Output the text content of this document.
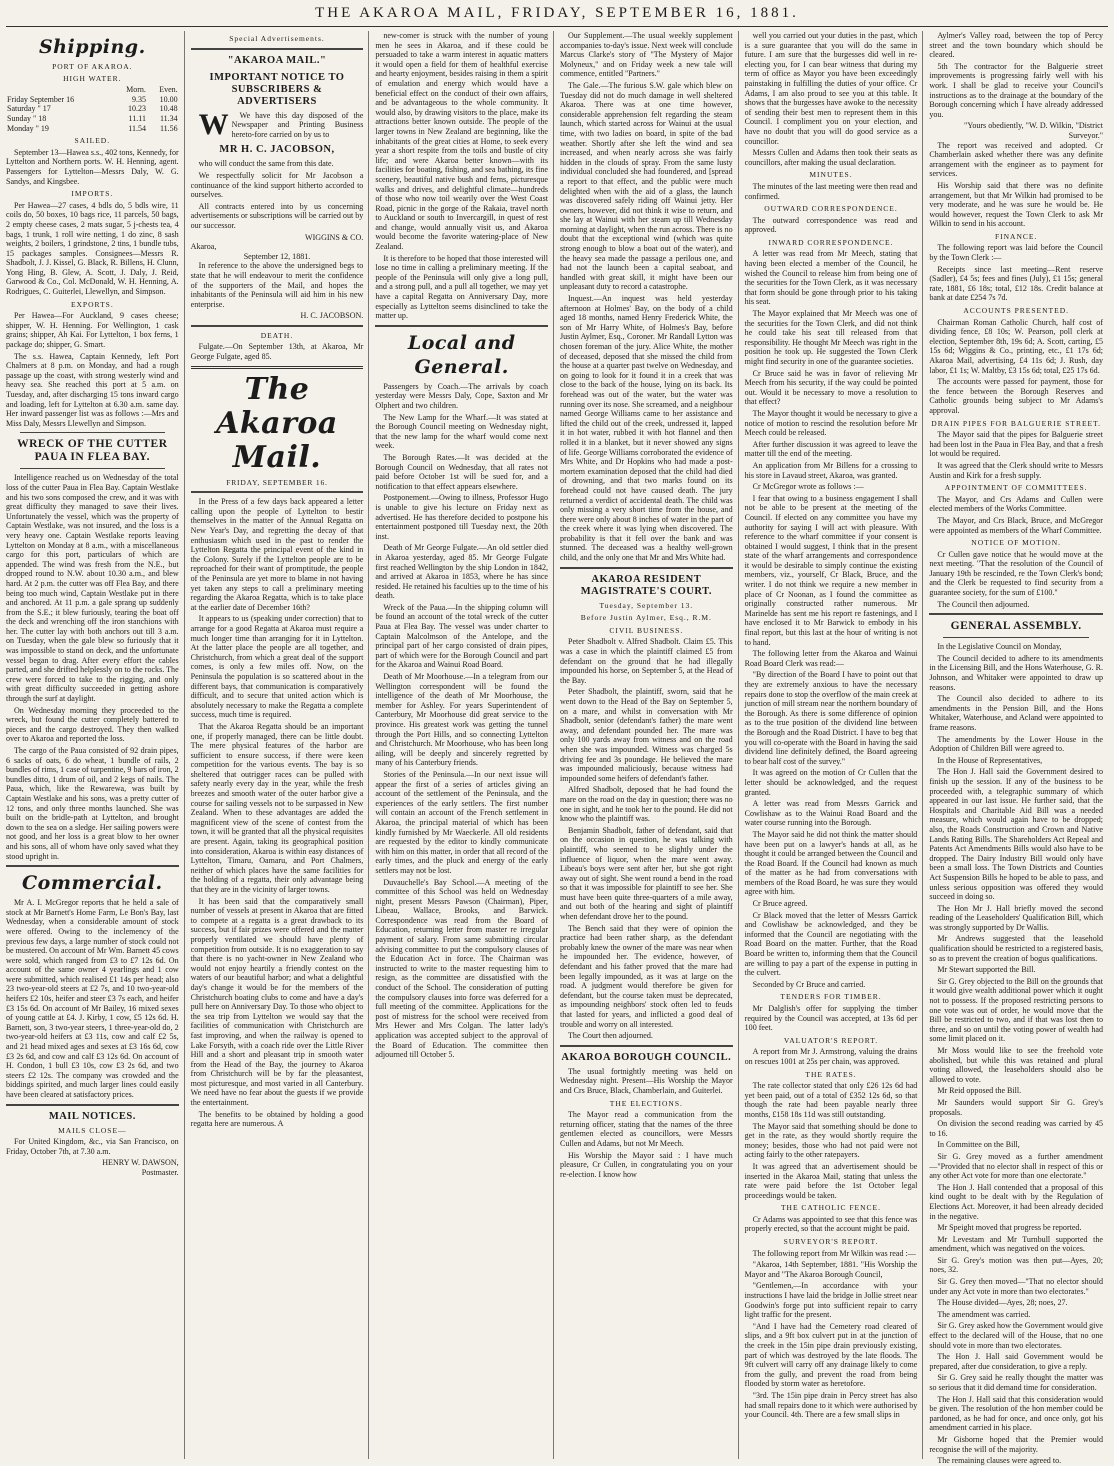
THE AKAROA MAIL, FRIDAY, SEPTEMBER 16, 1881.
Shipping.
PORT OF AKAROA.
HIGH WATER.
	Morn.	Even.
Friday September 16	9.35	10.00
Saturday " 17	10.23	10.48
Sunday " 18	11.11	11.34
Monday " 19	11.54	11.56
SAILED.

September 13—Hawea s.s., 402 tons, Kennedy, for Lyttelton and Northern ports. W. H. Henning, agent. Passengers for Lyttelton—Messrs Daly, W. G. Sandys, and Kingsbee.

IMPORTS.

Per Hawea—27 cases, 4 bdls do, 5 bdls wire, 11 coils do, 50 boxes, 10 bags rice, 11 parcels, 50 bags, 2 empty cheese cases, 2 mats sugar, 5 j-chests tea, 4 bags, 1 trunk, 1 roll wire netting, 1 do zinc, 8 sash weights, 2 boilers, 1 grindstone, 2 tins, 1 bundle tubs, 15 packages samples. Consignees—Messrs R. Shadbolt, J. J. Kissel, G. Black, R. Billens, H. Clunn, Yong Hing, B. Glew, A. Scott, J. Daly, J. Reid, Garwood & Co., Col. McDonald, W. H. Henning, A. Rodrigues, C. Guiterlei, Llewellyn, and Simpson.

EXPORTS.

Per Hawea—For Auckland, 9 cases cheese; shipper, W. H. Henning. For Wellington, 1 cask grains; shipper, Ah Kai. For Lyttelton, 1 box ferns, 1 package do; shipper, G. Smart.

The s.s. Hawea, Captain Kennedy, left Port Chalmers at 8 p.m. on Monday, and had a rough passage up the coast, with strong westerly wind and heavy sea. She reached this port at 5 a.m. on Tuesday, and, after discharging 15 tons inward cargo and loading, left for Lyttelton at 6.30 a.m. same day. Her inward passenger list was as follows :—Mrs and Miss Daly, Messrs Llewellyn and Simpson.

WRECK OF THE CUTTER PAUA IN FLEA BAY.

Intelligence reached us on Wednesday of the total loss of the cutter Paua in Flea Bay. Captain Westlake and his two sons composed the crew, and it was with great difficulty they managed to save their lives. Unfortunately the vessel, which was the property of Captain Westlake, was not insured, and the loss is a very heavy one. Captain Westlake reports leaving Lyttelton on Monday at 8 a.m., with a miscellaneous cargo for this port, particulars of which are appended. The wind was fresh from the N.E., but dropped round to N.W. about 10.30 a.m., and blew hard. At 2 p.m. the cutter was off Flea Bay, and there being too much wind, Captain Westlake put in there and anchored. At 11 p.m. a gale sprang up suddenly from the S.E.; it blew furiously, tearing the boat off the deck and wrenching off the iron stanchions with her. The cutter lay with both anchors out till 3 a.m. on Tuesday, when the gale blew so furiously that it was impossible to stand on deck, and the unfortunate vessel began to drag. After every effort the cables parted, and she drifted helplessly on to the rocks. The crew were forced to take to the rigging, and only with great difficulty succeeded in getting ashore through the surf at daylight.

On Wednesday morning they proceeded to the wreck, but found the cutter completely battered to pieces and the cargo destroyed. They then walked over to Akaroa and reported the loss.

The cargo of the Paua consisted of 92 drain pipes, 6 sacks of oats, 6 do wheat, 1 bundle of rails, 2 bundles of rims, 1 case of turpentine, 9 bars of iron, 2 bundles ditto, 1 drum of oil, and 2 kegs of nails. The Paua, which, like the Rewarewa, was built by Captain Westlake and his sons, was a pretty cutter of 12 tons, and only three months launched. She was built on the bridle-path at Lyttelton, and brought down to the sea on a sledge. Her sailing powers were not good, and her loss is a great blow to her owner and his sons, all of whom have only saved what they stood upright in.

Commercial.

Mr A. I. McGregor reports that he held a sale of stock at Mr Barnett's Home Farm, Le Bon's Bay, last Wednesday, when a considerable amount of stock were offered. Owing to the inclemency of the previous few days, a large number of stock could not be mustered. On account of Mr Wm. Barnett 45 cows were sold, which ranged from £3 to £7 12s 6d. On account of the same owner 4 yearlings and 1 cow were submitted, which realised £1 14s per head; also 23 two-year-old steers at £2 7s, and 10 two-year-old heifers £2 10s, heifer and steer £3 7s each, and heifer £3 15s 6d. On account of Mr Bailey, 16 mixed sexes of young cattle at £4. J. Kirby, 1 cow, £5 12s 6d. H. Barnett, son, 3 two-year steers, 1 three-year-old do, 2 two-year-old heifers at £3 11s, cow and calf £2 5s, and 21 head mixed ages and sexes at £3 16s 6d, cow £3 2s 6d, and cow and calf £3 12s 6d. On account of H. Condon, 1 bull £3 10s, cow £3 2s 6d, and two steers £2 12s. The company was crowded and the biddings spirited, and much larger lines could easily have been cleared at satisfactory prices.

MAIL NOTICES.
MAILS CLOSE—

For United Kingdom, &c., via San Francisco, on Friday, October 7th, at 7.30 a.m.

HENRY W. DAWSON,
Postmaster.
Special Advertisements.
"AKAROA MAIL."
IMPORTANT NOTICE TO SUBSCRIBERS & ADVERTISERS

W We have this day disposed of the Newspaper and Printing Business hereto-fore carried on by us to

MR H. C. JACOBSON,

who will conduct the same from this date.

We respectfully solicit for Mr Jacobson a continuance of the kind support hitherto accorded to ourselves.

All contracts entered into by us concerning advertisements or subscriptions will be carried out by our successor.

WIGGINS & CO.
Akaroa,
September 12, 1881.

In reference to the above the undersigned begs to state that he will endeavour to merit the confidence of the supporters of the Mail, and hopes the inhabitants of the Peninsula will aid him in his new enterprise.

H. C. JACOBSON.
DEATH.

Fulgate.—On September 13th, at Akaroa, Mr George Fulgate, aged 85.

The Akaroa Mail.
FRIDAY, SEPTEMBER 16.

In the Press of a few days back appeared a letter calling upon the people of Lyttelton to bestir themselves in the matter of the Annual Regatta on New Year's Day, and regretting the decay of that enthusiasm which used in the past to render the Lyttelton Regatta the principal event of the kind in the Colony. Surely if the Lyttelton people are to be reproached for their want of promptitude, the people of the Peninsula are yet more to blame in not having yet taken any steps to call a preliminary meeting regarding the Akaroa Regatta, which is to take place at the earlier date of December 16th?

It appears to us (speaking under correction) that to arrange for a good Regatta at Akaroa must require a much longer time than arranging for it in Lyttelton. At the latter place the people are all together, and Christchurch, from which a great deal of the support comes, is only a few miles off. Now, on the Peninsula the population is so scattered about in the different bays, that communication is comparatively difficult, and to secure that united action which is absolutely necessary to make the Regatta a complete success, much time is required.

That the Akaroa Regatta should be an important one, if properly managed, there can be little doubt. The mere physical features of the harbor are sufficient to ensure success, if there were keen competition for the various events. The bay is so sheltered that outrigger races can be pulled with safety nearly every day in the year, while the fresh breezes and smooth water of the outer harbor give a course for sailing vessels not to be surpassed in New Zealand. When to these advantages are added the magnificent view of the scene of contest from the town, it will be granted that all the physical requisites are present. Again, taking its geographical position into consideration, Akaroa is within easy distances of Lyttelton, Timaru, Oamaru, and Port Chalmers, neither of which places have the same facilities for the holding of a regatta, their only advantage being that they are in the vicinity of larger towns.

It has been said that the comparatively small number of vessels at present in Akaroa that are fitted to compete at a regatta is a great drawback to its success, but if fair prizes were offered and the matter properly ventilated we should have plenty of competition from outside. It is no exaggeration to say that there is no yacht-owner in New Zealand who would not enjoy heartily a friendly contest on the waters of our beautiful harbor; and what a delightful day's change it would be for the members of the Christchurch boating clubs to come and have a day's pull here on Anniversary Day. To those who object to the sea trip from Lyttelton we would say that the facilities of communication with Christchurch are fast improving, and when the railway is opened to Lake Forsyth, with a coach ride over the Little River Hill and a short and pleasant trip in smooth water from the Head of the Bay, the journey to Akaroa from Christchurch will be by far the pleasantest, most picturesque, and most varied in all Canterbury. We need have no fear about the guests if we provide the entertainment.

The benefits to be obtained by holding a good regatta here are numerous. A

new-comer is struck with the number of young men he sees in Akaroa, and if these could be persuaded to take a warm interest in aquatic matters it would open a field for them of healthful exercise and hearty enjoyment, besides raising in them a spirit of emulation and energy which would have a beneficial effect on the conduct of their own affairs, and be advantageous to the whole community. It would also, by drawing visitors to the place, make its attractions better known outside. The people of the larger towns in New Zealand are beginning, like the inhabitants of the great cities at Home, to seek every year a short respite from the toils and bustle of city life; and were Akaroa better known—with its facilities for boating, fishing, and sea bathing, its fine scenery, beautiful native bush and ferns, picturesque walks and drives, and delightful climate—hundreds of those who now toil wearily over the West Coast Road, picnic in the gorge of the Rakaia, travel north to Auckland or south to Invercargill, in quest of rest and change, would annually visit us, and Akaroa would become the favorite watering-place of New Zealand.

It is therefore to be hoped that those interested will lose no time in calling a preliminary meeting. If the people of the Peninsula will only give a long pull, and a strong pull, and a pull all together, we may yet have a capital Regatta on Anniversary Day, more especially as Lyttelton seems disinclined to take the matter up.

Local and General.

Passengers by Coach.—The arrivals by coach yesterday were Messrs Daly, Cope, Saxton and Mr Olphert and two children.

The New Lamp for the Wharf.—It was stated at the Borough Council meeting on Wednesday night, that the new lamp for the wharf would come next week.

The Borough Rates.—It was decided at the Borough Council on Wednesday, that all rates not paid before October 1st will be sued for, and a notification to that effect appears elsewhere.

Postponement.—Owing to illness, Professor Hugo is unable to give his lecture on Friday next as advertised. He has therefore decided to postpone his entertainment postponed till Tuesday next, the 20th inst.

Death of Mr George Fulgate.—An old settler died in Akaroa yesterday, aged 85. Mr George Fulgate first reached Wellington by the ship London in 1842, and arrived at Akaroa in 1853, where he has since resided. He retained his faculties up to the time of his death.

Wreck of the Paua.—In the shipping column will be found an account of the total wreck of the cutter Paua at Flea Bay. The vessel was under charter to Captain Malcolmson of the Antelope, and the principal part of her cargo consisted of drain pipes, part of which were for the Borough Council and part for the Akaroa and Wainui Road Board.

Death of Mr Moorhouse.—In a telegram from our Wellington correspondent will be found the intelligence of the death of Mr Moorhouse, the member for Ashley. For years Superintendent of Canterbury, Mr Moorhouse did great service to the province. His greatest work was getting the tunnel through the Port Hills, and so connecting Lyttelton and Christchurch. Mr Moorhouse, who has been long ailing, will be deeply and sincerely regretted by many of his Canterbury friends.

Stories of the Peninsula.—In our next issue will appear the first of a series of articles giving an account of the settlement of the Peninsula, and the experiences of the early settlers. The first number will contain an account of the French settlement in Akaroa, the principal material of which has been kindly furnished by Mr Waeckerle. All old residents are requested by the editor to kindly communicate with him on this matter, in order that all record of the early times, and the pluck and energy of the early settlers may not be lost.

Duvauchelle's Bay School.—A meeting of the committee of this School was held on Wednesday night, present Messrs Pawson (Chairman), Piper, Libeau, Wallace, Brooks, and Barwick. Correspondence was read from the Board of Education, returning letter from master re irregular payment of salary. From same submitting circular advising committee to put the compulsory clauses of the Education Act in force. The Chairman was instructed to write to the master requesting him to resign, as the committee are dissatisfied with the conduct of the School. The consideration of putting the compulsory clauses into force was deferred for a full meeting of the committee. Applications for the post of mistress for the school were received from Mrs Hewer and Mrs Colgan. The latter lady's application was accepted subject to the approval of the Board of Education. The committee then adjourned till October 5.

Our Supplement.—The usual weekly supplement accompanies to-day's issue. Next week will conclude Marcus Clarke's story of "The Mystery of Major Molyneux," and on Friday week a new tale will commence, entitled "Partners."

The Gale.—The furious S.W. gale which blew on Tuesday did not do much damage in well sheltered Akaroa. There was at one time however, considerable apprehension felt regarding the steam launch, which started across for Wainui at the usual time, with two ladies on board, in spite of the bad weather. Shortly after she left the wind and sea increased, and when nearly across she was fairly hidden in the clouds of spray. From the same lusty individual concluded she had foundered, and [spread a report to that effect, and the public were much delighted when with the aid of a glass, the launch was discovered safely riding off Wainui jetty. Her owners, however, did not think it wise to return, and she lay at Wainui with her steam up till Wednesday morning at daylight, when the run across. There is no doubt that the exceptional wind (which was quite strong enough to blow a boat out of the water), and the heavy sea made the passage a perilous one, and had not the launch been a capital seaboat, and handled with great skill, it might have been our unpleasant duty to record a catastrophe.

Inquest.—An inquest was held yesterday afternoon at Holmes' Bay, on the body of a child aged 18 months, named Henry Frederick White, the son of Mr Harry White, of Holmes's Bay, before Justin Aylmer, Esq., Coroner. Mr Randall Lytton was chosen foreman of the jury. Alice White, the mother of deceased, deposed that she missed the child from the house at a quarter past twelve on Wednesday, and on going to look for it found it in a creek that was close to the back of the house, lying on its back. Its forehead was out of the water, but the water was running over its nose. She screamed, and a neighbour named George Williams came to her assistance and lifted the child out of the creek, undressed it, lapped it in hot water, rubbed it with hot flannel and then rolled it in a blanket, but it never showed any signs of life. George Williams corroborated the evidence of Mrs White, and Dr Hopkins who had made a post-mortem examination deposed that the child had died of drowning, and that two marks found on its forehead could not have caused death. The jury returned a verdict of accidental death. The child was only missing a very short time from the house, and there were only about 8 inches of water in the part of the creek where it was lying when discovered. The probability is that it fell over the bank and was stunned. The deceased was a healthy well-grown child, and the only one that Mr and Mrs White had.

AKAROA RESIDENT MAGISTRATE'S COURT.
Tuesday, September 13.
Before Justin Aylmer, Esq., R.M.
CIVIL BUSINESS.

Peter Shadbolt v. Alfred Shadbolt. Claim £5. This was a case in which the plaintiff claimed £5 from defendant on the ground that he had illegally impounded his horse, on September 5, at the Head of the Bay.

Peter Shadbolt, the plaintiff, sworn, said that he went down to the Head of the Bay on September 5, on a mare, and whilst in conversation with Mr Shadbolt, senior (defendant's father) the mare went away, and defendant pounded her. The mare was only 100 yards away from witness and on the road when she was impounded. Witness was charged 5s driving fee and 3s poundage. He believed the mare was impounded maliciously, because witness had impounded some heifers of defendant's father.

Alfred Shadbolt, deposed that he had found the mare on the road on the day in question; there was no one in sight, and he took her to the pound. He did not know who the plaintiff was.

Benjamin Shadbolt, father of defendant, said that on the occasion in question, he was talking with plaintiff, who seemed to be slightly under the influence of liquor, when the mare went away. Libeau's boys were sent after her, but she got right away out of sight. She went round a bend in the road so that it was impossible for plaintiff to see her. She must have been quite three-quarters of a mile away, and out both of the hearing and sight of plaintiff when defendant drove her to the pound.

The Bench said that they were of opinion the practice had been rather sharp, as the defendant probably knew the owner of the mare was near when he impounded her. The evidence, however, of defendant and his father proved that the mare had been legally impounded, as it was at large on the road. A judgment would therefore be given for defendant, but the course taken must be deprecated, as impounding neighbors' stock often led to feuds that lasted for years, and inflicted a good deal of trouble and worry on all interested.

The Court then adjourned.

AKAROA BOROUGH COUNCIL.

The usual fortnightly meeting was held on Wednesday night. Present—His Worship the Mayor and Crs Bruce, Black, Chamberlain, and Guiterlei.

THE ELECTIONS.

The Mayor read a communication from the returning officer, stating that the names of the three gentlemen elected as councillors, were Messrs Cullen and Adams, but not Mr Meech.

His Worship the Mayor said : I have much pleasure, Cr Cullen, in congratulating you on your re-election. I know how

well you carried out your duties in the past, which is a sure guarantee that you will do the same in future. I am sure that the burgesses did well in re-electing you, for I can bear witness that during my term of office as Mayor you have been exceedingly painstaking in fulfilling the duties of your office. Cr Adams, I am also proud to see you at this table. It shows that the burgesses have awoke to the necessity of sending their best men to represent them in this Council. I compliment you on your election, and have no doubt that you will do good service as a councillor.

Messrs Cullen and Adams then took their seats as councillors, after making the usual declaration.

MINUTES.

The minutes of the last meeting were then read and confirmed.

OUTWARD CORRESPONDENCE.

The outward correspondence was read and approved.

INWARD CORRESPONDENCE.

A letter was read from Mr Meech, stating that having been elected a member of the Council, he wished the Council to release him from being one of the securities for the Town Clerk, as it was necessary that form should be gone through prior to his taking his seat.

The Mayor explained that Mr Meech was one of the securities for the Town Clerk, and did not think he could take his seat till released from that responsibility. He thought Mr Meech was right in the position he took up. He suggested the Town Clerk might find security in one of the guarantee societies.

Cr Bruce said he was in favor of relieving Mr Meech from his security, if the way could be pointed out. Would it be necessary to move a resolution to that effect?

The Mayor thought it would be necessary to give a notice of motion to rescind the resolution before Mr Meech could be released.

After further discussion it was agreed to leave the matter till the end of the meeting.

An application from Mr Billens for a crossing to his store in Lavaud street, Akaroa, was granted.

Cr McGregor wrote as follows :—

I fear that owing to a business engagement I shall not be able to be present at the meeting of the Council. If elected on any committee you have my authority for saying I will act with pleasure. With reference to the wharf committee if your consent is obtained I would suggest, I think that in the present state of the wharf arrangements and correspondence it would be desirable to simply continue the existing members, viz., yourself, Cr Black, Bruce, and the writer. I do not think we require a new member in place of Cr Noonan, as I found the committee as originally constructed rather numerous. Mr Marinelde has sent me his report re fastenings, and I have enclosed it to Mr Barwick to embody in his final report, but this last at the hour of writing is not to hand.

The following letter from the Akaroa and Wainui Road Board Clerk was read:—

"By direction of the Board I have to point out that they are extremely anxious to have the necessary repairs done to stop the overflow of the main creek at junction of mill stream near the northern boundary of the Borough. As there is some difference of opinion as to the true position of the dividend line between the Borough and the Road District. I have to beg that you will co-operate with the Board in having the said dividend line definitely defined, the Board agreeing to bear half cost of the survey."

It was agreed on the motion of Cr Cullen that the letter should be acknowledged, and the request granted.

A letter was read from Messrs Garrick and Cowlishaw as to the Wainui Road Board and the water course running into the Borough.

The Mayor said he did not think the matter should have been put on a lawyer's hands at all, as he thought it could be arranged between the Council and the Road Board. If the Council had known as much of the matter as he had from conversations with members of the Road Board, he was sure they would agree with him.

Cr Bruce agreed.

Cr Black moved that the letter of Messrs Garrick and Cowlishaw be acknowledged, and they be informed that the Council are negotiating with the Road Board on the matter. Further, that the Road Board be written to, informing them that the Council are willing to pay a part of the expense in putting in the culvert.

Seconded by Cr Bruce and carried.

TENDERS FOR TIMBER.

Mr Dalglish's offer for supplying the timber required by the Council was accepted, at 13s 6d per 100 feet.

VALUATOR'S REPORT.

A report from Mr J. Armstrong, valuing the drains on rescues 1001 at 25s per chain, was approved.

THE RATES.

The rate collector stated that only £26 12s 6d had yet been paid, out of a total of £352 12s 6d, so that though the rate had been payable nearly three months, £158 18s 11d was still outstanding.

The Mayor said that something should be done to get in the rate, as they would shortly require the money; besides, those who had not paid were not acting fairly to the other ratepayers.

It was agreed that an advertisement should be inserted in the Akaroa Mail, stating that unless the rate were paid before the 1st October legal proceedings would be taken.

THE CATHOLIC FENCE.

Cr Adams was appointed to see that this fence was properly erected, so that the account might be paid.

SURVEYOR'S REPORT.

The following report from Mr Wilkin was read :—

"Akaroa, 14th September, 1881. "His Worship the Mayor and "The Akaroa Borough Council,

"Gentlemen,—In accordance with your instructions I have laid the bridge in Jollie street near Goodwin's forge put into sufficient repair to carry light traffic for the present.

"And I have had the Cemetery road cleared of slips, and a 9ft box culvert put in at the junction of the creek in the 15in pipe drain previously existing, part of which was destroyed by the late floods. The 9ft culvert will carry off any drainage likely to come from the gully, and prevent the road from being flooded by storm water as heretofore.

"3rd. The 15in pipe drain in Percy street has also had small repairs done to it which were authorised by your Council. 4th. There are a few small slips in

Aylmer's Valley road, between the top of Percy street and the town boundary which should be cleared.

5th The contractor for the Balguerie street improvements is progressing fairly well with his work. I shall be glad to receive your Council's instructions as to the drainage at the boundary of the Borough concerning which I have already addressed you.

"Yours obediently, "W. D. Wilkin, "District Surveyor."

The report was received and adopted. Cr Chamberlain asked whether there was any definite arrangement with the engineer as to payment for services.

His Worship said that there was no definite arrangement, but that Mr Wilkin had promised to be very moderate, and he was sure he would be. He would however, request the Town Clerk to ask Mr Wilkin to send in his account.

FINANCE.

The following report was laid before the Council by the Town Clerk :—

Receipts since last meeting—Rent reserve (Sadler), £4 5s; fees and fines (July), £1 15s; general rate, 1881, £6 18s; total, £12 18s. Credit balance at bank at date £254 7s 7d.

ACCOUNTS PRESENTED.

Chairman Roman Catholic Church, half cost of dividing fence, £8 10s; W. Pearson, poll clerk at election, September 8th, 19s 6d; A. Scott, carting, £5 15s 6d; Wiggins & Co., printing, etc., £1 17s 6d; Akaroa Mail, advertising, £4 11s 6d; J. Rush, day labor, £1 1s; W. Maltby, £3 15s 6d; total, £25 17s 6d.

The accounts were passed for payment, those for the fence between the Borough Reserves and Catholic grounds being subject to Mr Adams's approval.

DRAIN PIPES FOR BALGUERIE STREET.

The Mayor said that the pipes for Balguerie street had been lost in the Paua in Flea Bay, and that a fresh lot would be required.

It was agreed that the Clerk should write to Messrs Austin and Kirk for a fresh supply.

APPOINTMENT OF COMMITTEES.

The Mayor, and Crs Adams and Cullen were elected members of the Works Committee.

The Mayor, and Crs Black, Bruce, and McGregor were appointed as members of the Wharf Committee.

NOTICE OF MOTION.

Cr Cullen gave notice that he would move at the next meeting. "That the resolution of the Council of January 19th be rescinded, re the Town Clerk's bond; and the Clerk be requested to find security from a guarantee society, for the sum of £100."

The Council then adjourned.

GENERAL ASSEMBLY.

In the Legislative Council on Monday,

The Council decided to adhere to its amendments in the Licensing Bill, and the Hons Waterhouse, G. R. Johnson, and Whitaker were appointed to draw up reasons.

The Council also decided to adhere to its amendments in the Pension Bill, and the Hons Whitaker, Waterhouse, and Acland were appointed to frame reasons.

The amendments by the Lower House in the Adoption of Children Bill were agreed to.

In the House of Representatives,

The Hon J. Hall said the Government desired to finish up the session. If any of the business to be proceeded with, a telegraphic summary of which appeared in our last issue. He further said, that the Hospitals and Charitable Aid Bill was a needed measure, which would again have to be dropped; also, the Roads Construction and Crown and Native Lands Rating Bills. The Shareholders Act Repeal and Patents Act Amendments Bills would also have to be dropped. The Dairy Industry Bill would only have been a small loss. The Town Districts and Counties Act Suspension Bills he hoped to be able to pass, and unless serious opposition was offered they would succeed in doing so.

The Hon Mr J. Hall briefly moved the second reading of the Leaseholders' Qualification Bill, which was strongly supported by Dr Wallis.

Mr Andrews suggested that the leasehold qualification should be restricted to a registered basis, so as to prevent the creation of bogus qualifications.

Mr Stewart supported the Bill.

Sir G. Grey objected to the Bill on the grounds that it would give wealth additional power which it ought not to possess. If the proposed restricting persons to one vote was out of order, he would move that the Bill be restricted to two, and if that was lost then to three, and so on until the voting power of wealth had some limit placed on it.

Mr Moss would like to see the freehold vote abolished, but while this was retained and plural voting allowed, the leaseholders should also be allowed to vote.

Mr Reid opposed the Bill.

Mr Saunders would support Sir G. Grey's proposals.

On division the second reading was carried by 45 to 16.

In Committee on the Bill,

Sir G. Grey moved as a further amendment—"Provided that no elector shall in respect of this or any other Act vote for more than one electorate."

The Hon J. Hall contended that a proposal of this kind ought to be dealt with by the Regulation of Elections Act. Moreover, it had been already decided in the negative.

Mr Speight moved that progress be reported.

Mr Levestam and Mr Turnbull supported the amendment, which was negatived on the voices.

Sir G. Grey's motion was then put—Ayes, 20; noes, 32.

Sir G. Grey then moved—"That no elector should under any Act vote in more than two electorates."

The House divided—Ayes, 28; noes, 27.

The amendment was carried.

Sir G. Grey asked how the Government would give effect to the declared will of the House, that no one should vote in more than two electorates.

The Hon J. Hall said Government would be prepared, after due consideration, to give a reply.

Sir G. Grey said he really thought the matter was so serious that it did demand time for consideration.

The Hon J. Hall said that this consideration would be given. The resolution of the hon member could be pardoned, as he had for once, and once only, got his amendment carried in his place.

Mr Gisborne hoped that the Premier would recognise the will of the majority.

The remaining clauses were agreed to.
